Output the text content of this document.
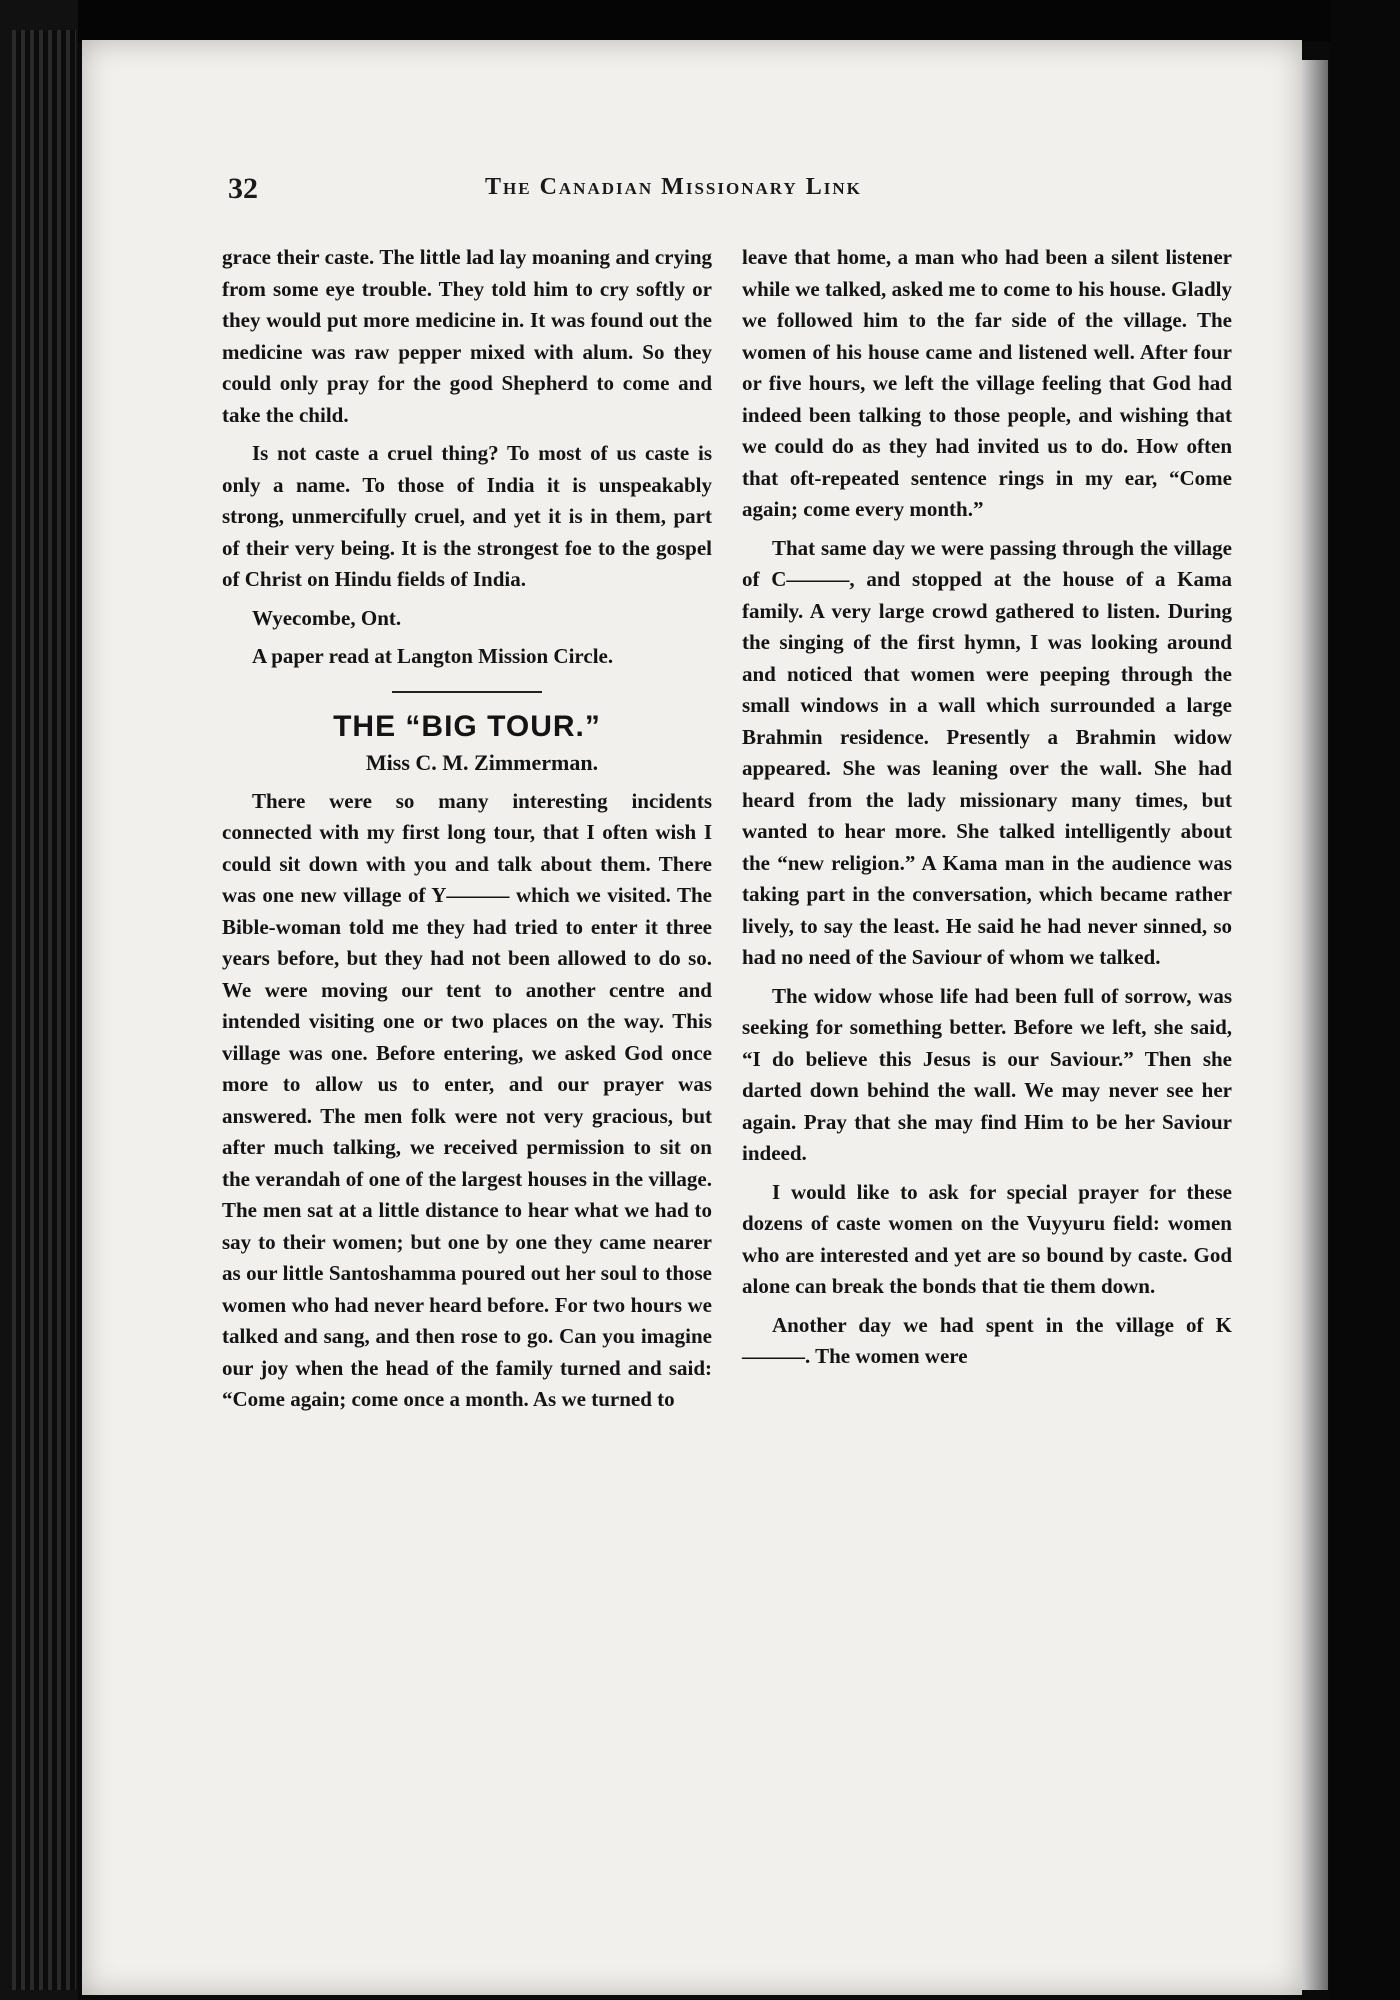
32	The Canadian Missionary Link

grace their caste. The little lad lay moaning and crying from some eye trouble. They told him to cry softly or they would put more medicine in. It was found out the medicine was raw pepper mixed with alum. So they could only pray for the good Shepherd to come and take the child.

Is not caste a cruel thing? To most of us caste is only a name. To those of India it is unspeakably strong, unmercifully cruel, and yet it is in them, part of their very being. It is the strongest foe to the gospel of Christ on Hindu fields of India.

Wyecombe, Ont.

A paper read at Langton Mission Circle.

THE “BIG TOUR.”

Miss C. M. Zimmerman.

There were so many interesting incidents connected with my first long tour, that I often wish I could sit down with you and talk about them. There was one new village of Y——— which we visited. The Bible-woman told me they had tried to enter it three years before, but they had not been allowed to do so. We were moving our tent to another centre and intended visiting one or two places on the way. This village was one. Before entering, we asked God once more to allow us to enter, and our prayer was answered. The men folk were not very gracious, but after much talking, we received permission to sit on the verandah of one of the largest houses in the village. The men sat at a little distance to hear what we had to say to their women; but one by one they came nearer as our little Santoshamma poured out her soul to those women who had never heard before. For two hours we talked and sang, and then rose to go. Can you imagine our joy when the head of the family turned and said: “Come again; come once a month. As we turned to

leave that home, a man who had been a silent listener while we talked, asked me to come to his house. Gladly we followed him to the far side of the village. The women of his house came and listened well. After four or five hours, we left the village feeling that God had indeed been talking to those people, and wishing that we could do as they had invited us to do. How often that oft-repeated sentence rings in my ear, “Come again; come every month.”

That same day we were passing through the village of C———, and stopped at the house of a Kama family. A very large crowd gathered to listen. During the singing of the first hymn, I was looking around and noticed that women were peeping through the small windows in a wall which surrounded a large Brahmin residence. Presently a Brahmin widow appeared. She was leaning over the wall. She had heard from the lady missionary many times, but wanted to hear more. She talked intelligently about the “new religion.” A Kama man in the audience was taking part in the conversation, which became rather lively, to say the least. He said he had never sinned, so had no need of the Saviour of whom we talked.

The widow whose life had been full of sorrow, was seeking for something better. Before we left, she said, “I do believe this Jesus is our Saviour.” Then she darted down behind the wall. We may never see her again. Pray that she may find Him to be her Saviour indeed.

I would like to ask for special prayer for these dozens of caste women on the Vuyyuru field: women who are interested and yet are so bound by caste. God alone can break the bonds that tie them down.

Another day we had spent in the village of K———. The women were
